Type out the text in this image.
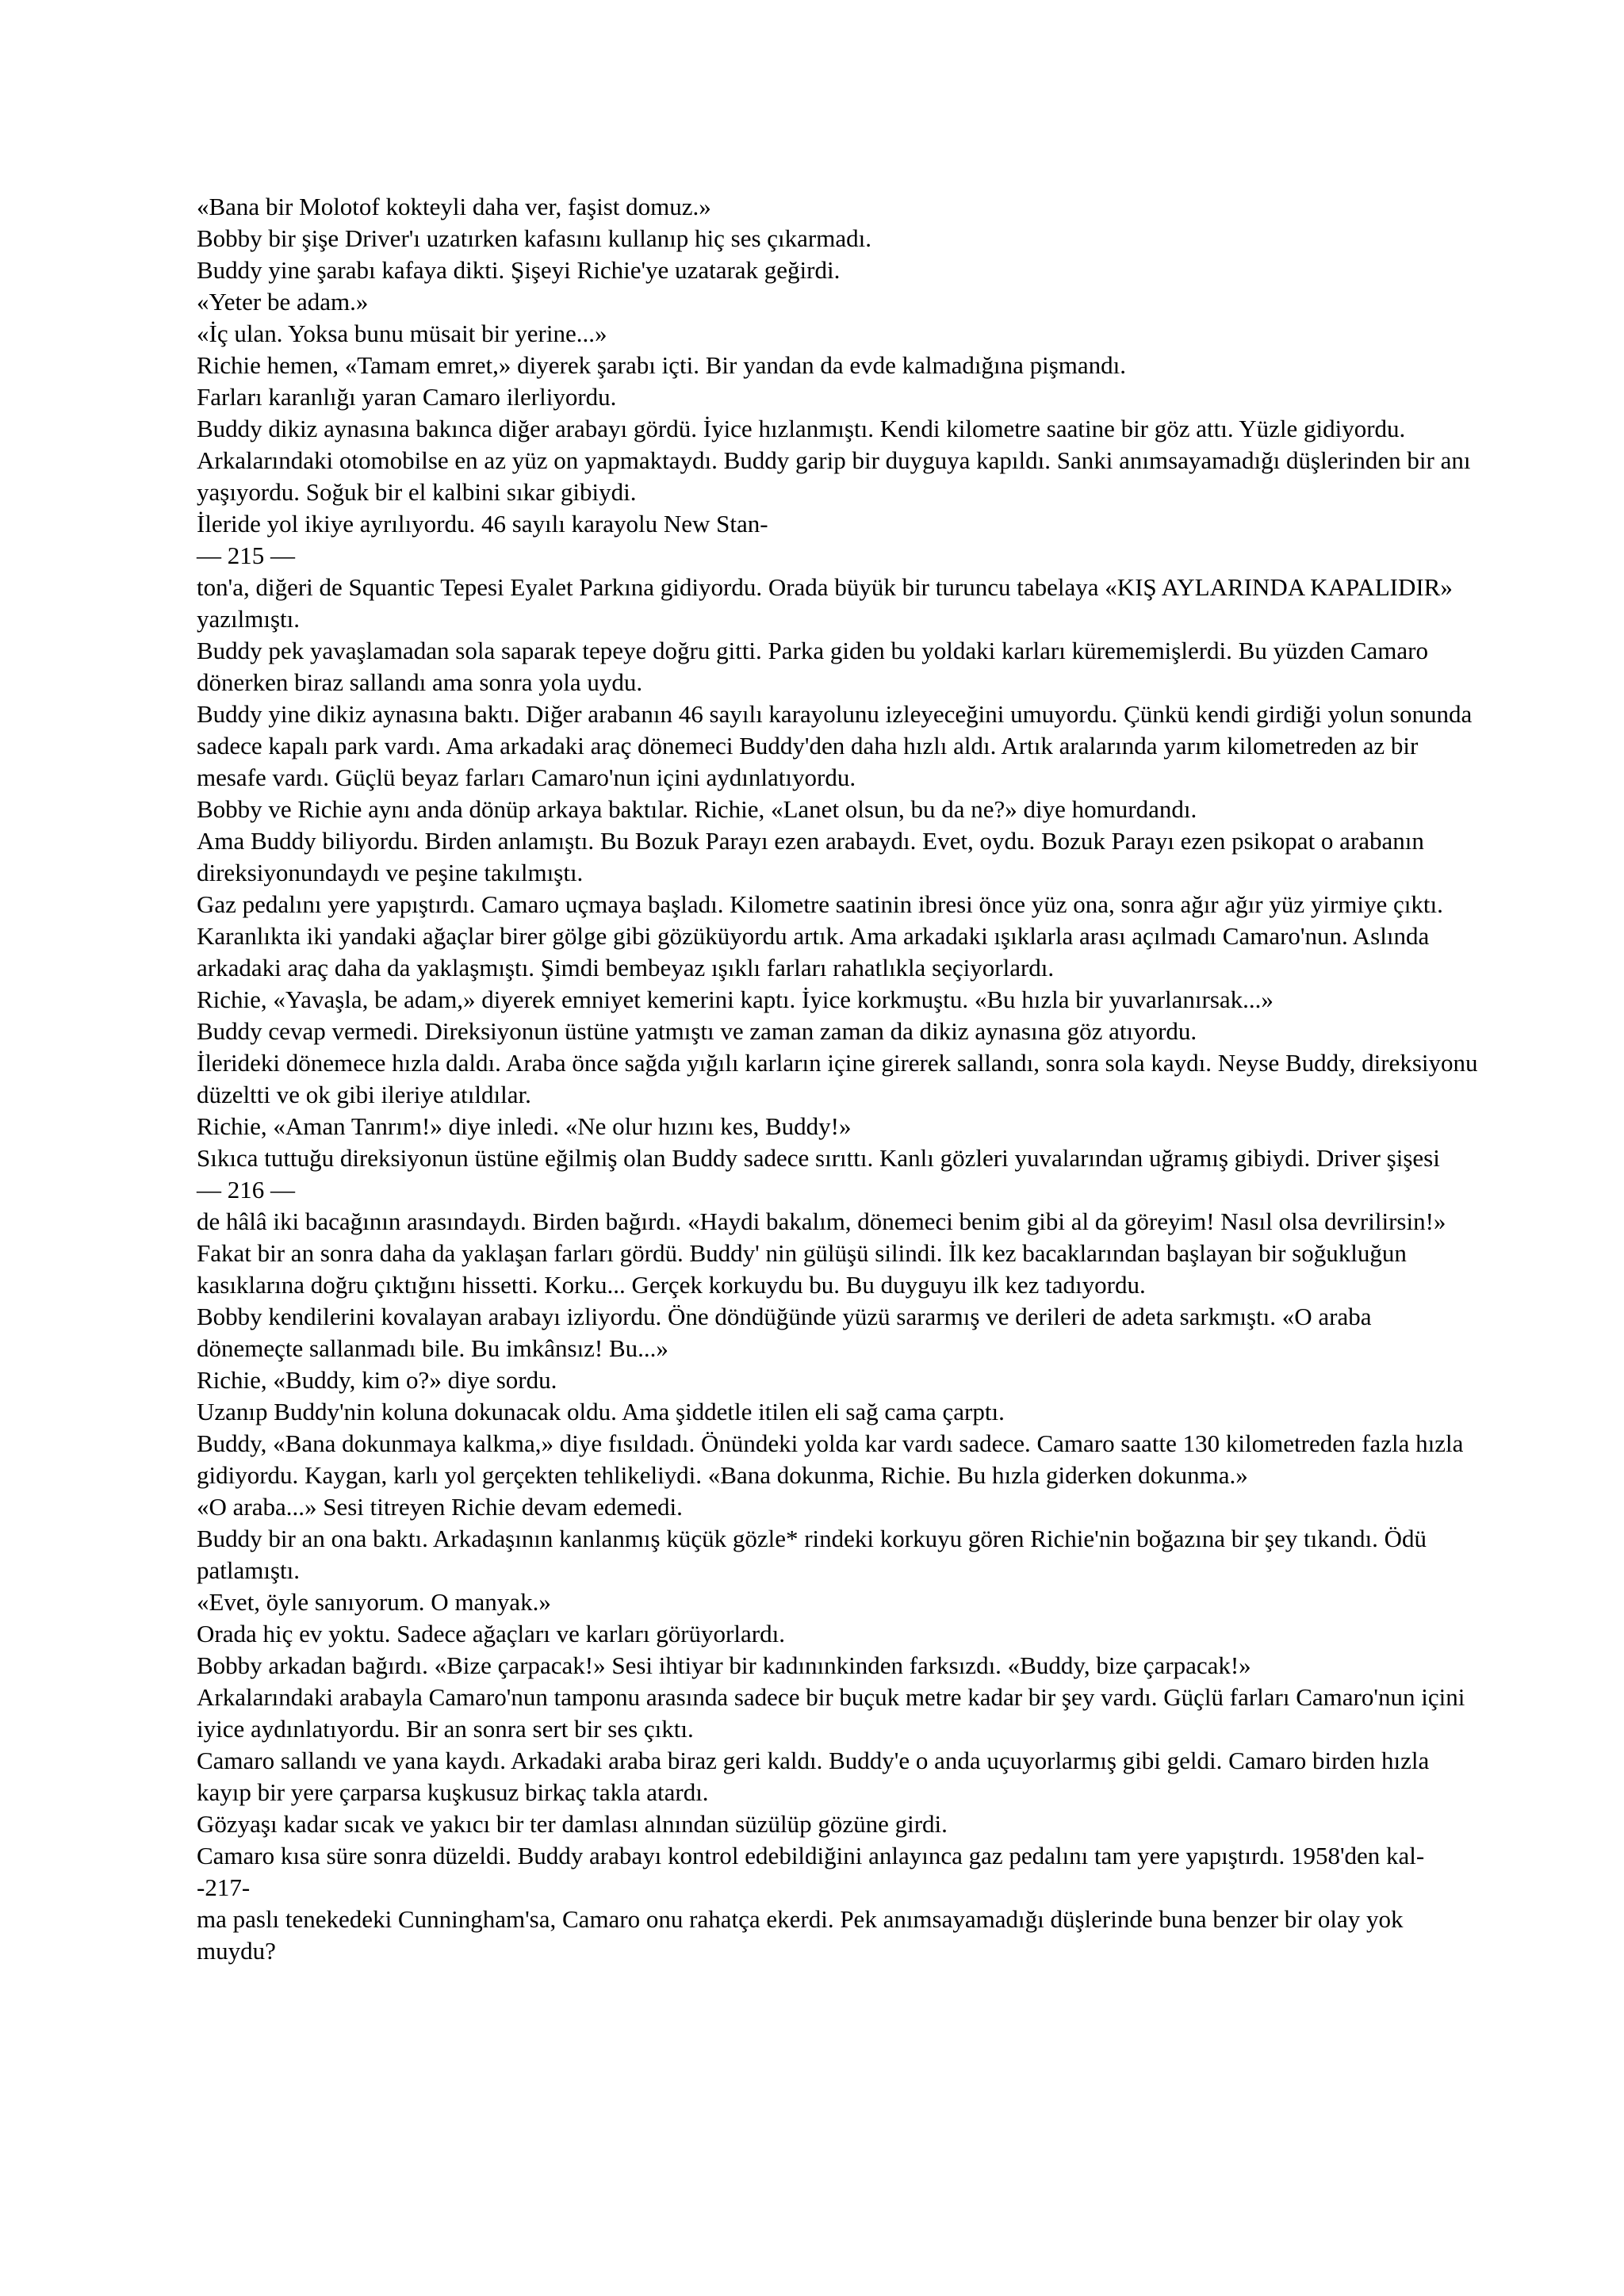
«Bana bir Molotof kokteyli daha ver, faşist domuz.»

Bobby bir şişe Driver'ı uzatırken kafasını kullanıp hiç ses çıkarmadı.

Buddy yine şarabı kafaya dikti. Şişeyi Richie'ye uzatarak geğirdi.

«Yeter be adam.»

«İç ulan. Yoksa bunu müsait bir yerine...»

Richie hemen, «Tamam emret,» diyerek şarabı içti. Bir yandan da evde kalmadığına pişmandı.

Farları karanlığı yaran Camaro ilerliyordu.

Buddy dikiz aynasına bakınca diğer arabayı gördü. İyice hızlanmıştı. Kendi kilometre saatine bir göz attı. Yüzle gidiyordu. Arkalarındaki otomobilse en az yüz on yapmaktaydı. Buddy garip bir duyguya kapıldı. Sanki anımsayamadığı düşlerinden bir anı yaşıyordu. Soğuk bir el kalbini sıkar gibiydi.

İleride yol ikiye ayrılıyordu. 46 sayılı karayolu New Stan-

— 215 —

ton'a, diğeri de Squantic Tepesi Eyalet Parkına gidiyordu. Orada büyük bir turuncu tabelaya «KIŞ AYLARINDA KAPALIDIR» yazılmıştı.

Buddy pek yavaşlamadan sola saparak tepeye doğru gitti. Parka giden bu yoldaki karları kürememişlerdi. Bu yüzden Camaro dönerken biraz sallandı ama sonra yola uydu.

Buddy yine dikiz aynasına baktı. Diğer arabanın 46 sayılı karayolunu izleyeceğini umuyordu. Çünkü kendi girdiği yolun sonunda sadece kapalı park vardı. Ama arkadaki araç dönemeci Buddy'den daha hızlı aldı. Artık aralarında yarım kilometreden az bir mesafe vardı. Güçlü beyaz farları Camaro'nun içini aydınlatıyordu.

Bobby ve Richie aynı anda dönüp arkaya baktılar. Richie, «Lanet olsun, bu da ne?» diye homurdandı.

Ama Buddy biliyordu. Birden anlamıştı. Bu Bozuk Parayı ezen arabaydı. Evet, oydu. Bozuk Parayı ezen psikopat o arabanın direksiyonundaydı ve peşine takılmıştı.

Gaz pedalını yere yapıştırdı. Camaro uçmaya başladı. Kilometre saatinin ibresi önce yüz ona, sonra ağır ağır yüz yirmiye çıktı. Karanlıkta iki yandaki ağaçlar birer gölge gibi gözüküyordu artık. Ama arkadaki ışıklarla arası açılmadı Camaro'nun. Aslında arkadaki araç daha da yaklaşmıştı. Şimdi bembeyaz ışıklı farları rahatlıkla seçiyorlardı.

Richie, «Yavaşla, be adam,» diyerek emniyet kemerini kaptı. İyice korkmuştu. «Bu hızla bir yuvarlanırsak...»

Buddy cevap vermedi. Direksiyonun üstüne yatmıştı ve zaman zaman da dikiz aynasına göz atıyordu.

İlerideki dönemece hızla daldı. Araba önce sağda yığılı karların içine girerek sallandı, sonra sola kaydı. Neyse Buddy, direksiyonu düzeltti ve ok gibi ileriye atıldılar.

Richie, «Aman Tanrım!» diye inledi. «Ne olur hızını kes, Buddy!»

Sıkıca tuttuğu direksiyonun üstüne eğilmiş olan Buddy sadece sırıttı. Kanlı gözleri yuvalarından uğramış gibiydi. Driver şişesi

— 216 —

de hâlâ iki bacağının arasındaydı. Birden bağırdı. «Haydi bakalım, dönemeci benim gibi al da göreyim! Nasıl olsa devrilirsin!»

Fakat bir an sonra daha da yaklaşan farları gördü. Buddy' nin gülüşü silindi. İlk kez bacaklarından başlayan bir soğukluğun kasıklarına doğru çıktığını hissetti. Korku... Gerçek korkuydu bu. Bu duyguyu ilk kez tadıyordu.

Bobby kendilerini kovalayan arabayı izliyordu. Öne döndüğünde yüzü sararmış ve derileri de adeta sarkmıştı. «O araba dönemeçte sallanmadı bile. Bu imkânsız! Bu...»

Richie, «Buddy, kim o?» diye sordu.

Uzanıp Buddy'nin koluna dokunacak oldu. Ama şiddetle itilen eli sağ cama çarptı.

Buddy, «Bana dokunmaya kalkma,» diye fısıldadı. Önündeki yolda kar vardı sadece. Camaro saatte 130 kilometreden fazla hızla gidiyordu. Kaygan, karlı yol gerçekten tehlikeliydi. «Bana dokunma, Richie. Bu hızla giderken dokunma.»

«O araba...» Sesi titreyen Richie devam edemedi.

Buddy bir an ona baktı. Arkadaşının kanlanmış küçük gözle* rindeki korkuyu gören Richie'nin boğazına bir şey tıkandı. Ödü patlamıştı.

«Evet, öyle sanıyorum. O manyak.»

Orada hiç ev yoktu. Sadece ağaçları ve karları görüyorlardı.

Bobby arkadan bağırdı. «Bize çarpacak!» Sesi ihtiyar bir kadınınkinden farksızdı. «Buddy, bize çarpacak!»

Arkalarındaki arabayla Camaro'nun tamponu arasında sadece bir buçuk metre kadar bir şey vardı. Güçlü farları Camaro'nun içini iyice aydınlatıyordu. Bir an sonra sert bir ses çıktı.

Camaro sallandı ve yana kaydı. Arkadaki araba biraz geri kaldı. Buddy'e o anda uçuyorlarmış gibi geldi. Camaro birden hızla kayıp bir yere çarparsa kuşkusuz birkaç takla atardı.

Gözyaşı kadar sıcak ve yakıcı bir ter damlası alnından süzülüp gözüne girdi.

Camaro kısa süre sonra düzeldi. Buddy arabayı kontrol edebildiğini anlayınca gaz pedalını tam yere yapıştırdı. 1958'den kal-

-217-

ma paslı tenekedeki Cunningham'sa, Camaro onu rahatça ekerdi. Pek anımsayamadığı düşlerinde buna benzer bir olay yok muydu?
